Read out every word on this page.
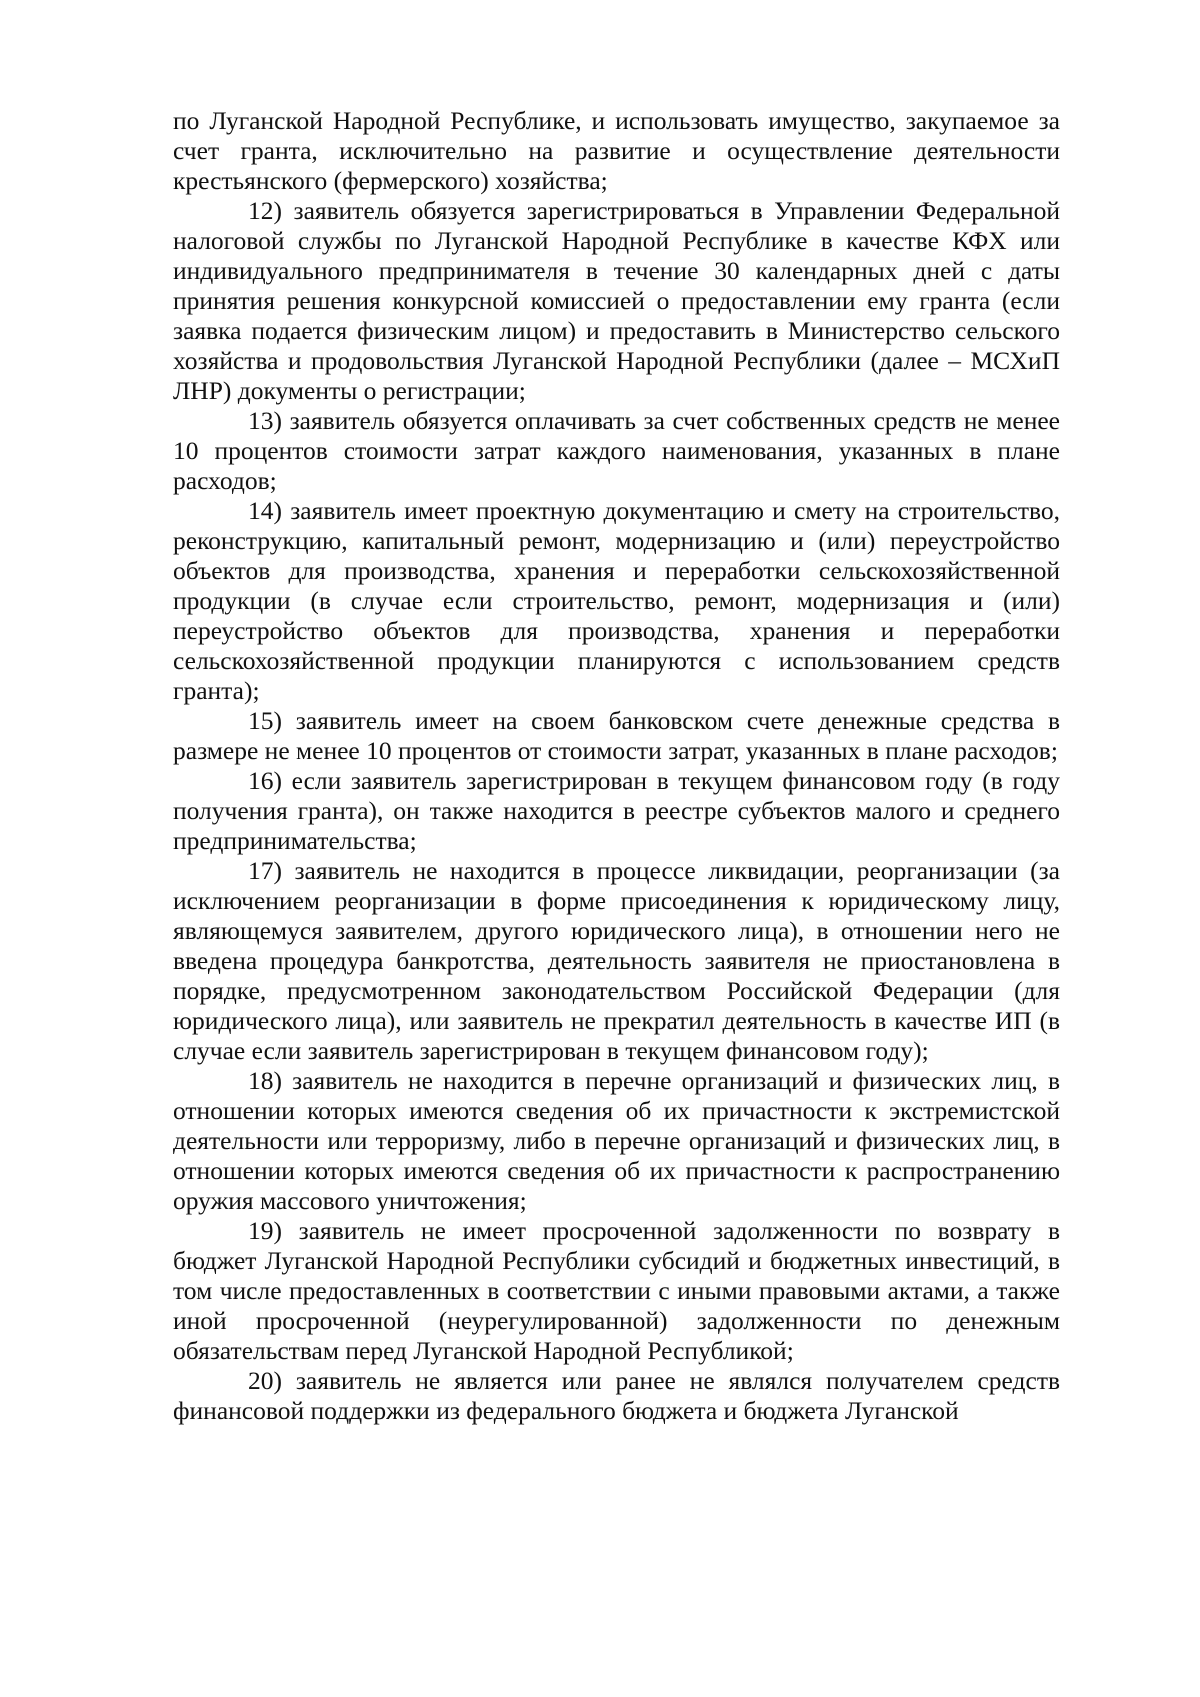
по Луганской Народной Республике, и использовать имущество, закупаемое за счет гранта, исключительно на развитие и осуществление деятельности крестьянского (фермерского) хозяйства;

12) заявитель обязуется зарегистрироваться в Управлении Федеральной налоговой службы по Луганской Народной Республике в качестве КФХ или индивидуального предпринимателя в течение 30 календарных дней с даты принятия решения конкурсной комиссией о предоставлении ему гранта (если заявка подается физическим лицом) и предоставить в Министерство сельского хозяйства и продовольствия Луганской Народной Республики (далее – МСХиП ЛНР) документы о регистрации;

13) заявитель обязуется оплачивать за счет собственных средств не менее 10 процентов стоимости затрат каждого наименования, указанных в плане расходов;

14) заявитель имеет проектную документацию и смету на строительство, реконструкцию, капитальный ремонт, модернизацию и (или) переустройство объектов для производства, хранения и переработки сельскохозяйственной продукции (в случае если строительство, ремонт, модернизация и (или) переустройство объектов для производства, хранения и переработки сельскохозяйственной продукции планируются с использованием средств гранта);

15) заявитель имеет на своем банковском счете денежные средства в размере не менее 10 процентов от стоимости затрат, указанных в плане расходов;

16) если заявитель зарегистрирован в текущем финансовом году (в году получения гранта), он также находится в реестре субъектов малого и среднего предпринимательства;

17) заявитель не находится в процессе ликвидации, реорганизации (за исключением реорганизации в форме присоединения к юридическому лицу, являющемуся заявителем, другого юридического лица), в отношении него не введена процедура банкротства, деятельность заявителя не приостановлена в порядке, предусмотренном законодательством Российской Федерации (для юридического лица), или заявитель не прекратил деятельность в качестве ИП (в случае если заявитель зарегистрирован в текущем финансовом году);

18) заявитель не находится в перечне организаций и физических лиц, в отношении которых имеются сведения об их причастности к экстремистской деятельности или терроризму, либо в перечне организаций и физических лиц, в отношении которых имеются сведения об их причастности к распространению оружия массового уничтожения;

19) заявитель не имеет просроченной задолженности по возврату в бюджет Луганской Народной Республики субсидий и бюджетных инвестиций, в том числе предоставленных в соответствии с иными правовыми актами, а также иной просроченной (неурегулированной) задолженности по денежным обязательствам перед Луганской Народной Республикой;

20) заявитель не является или ранее не являлся получателем средств финансовой поддержки из федерального бюджета и бюджета Луганской
